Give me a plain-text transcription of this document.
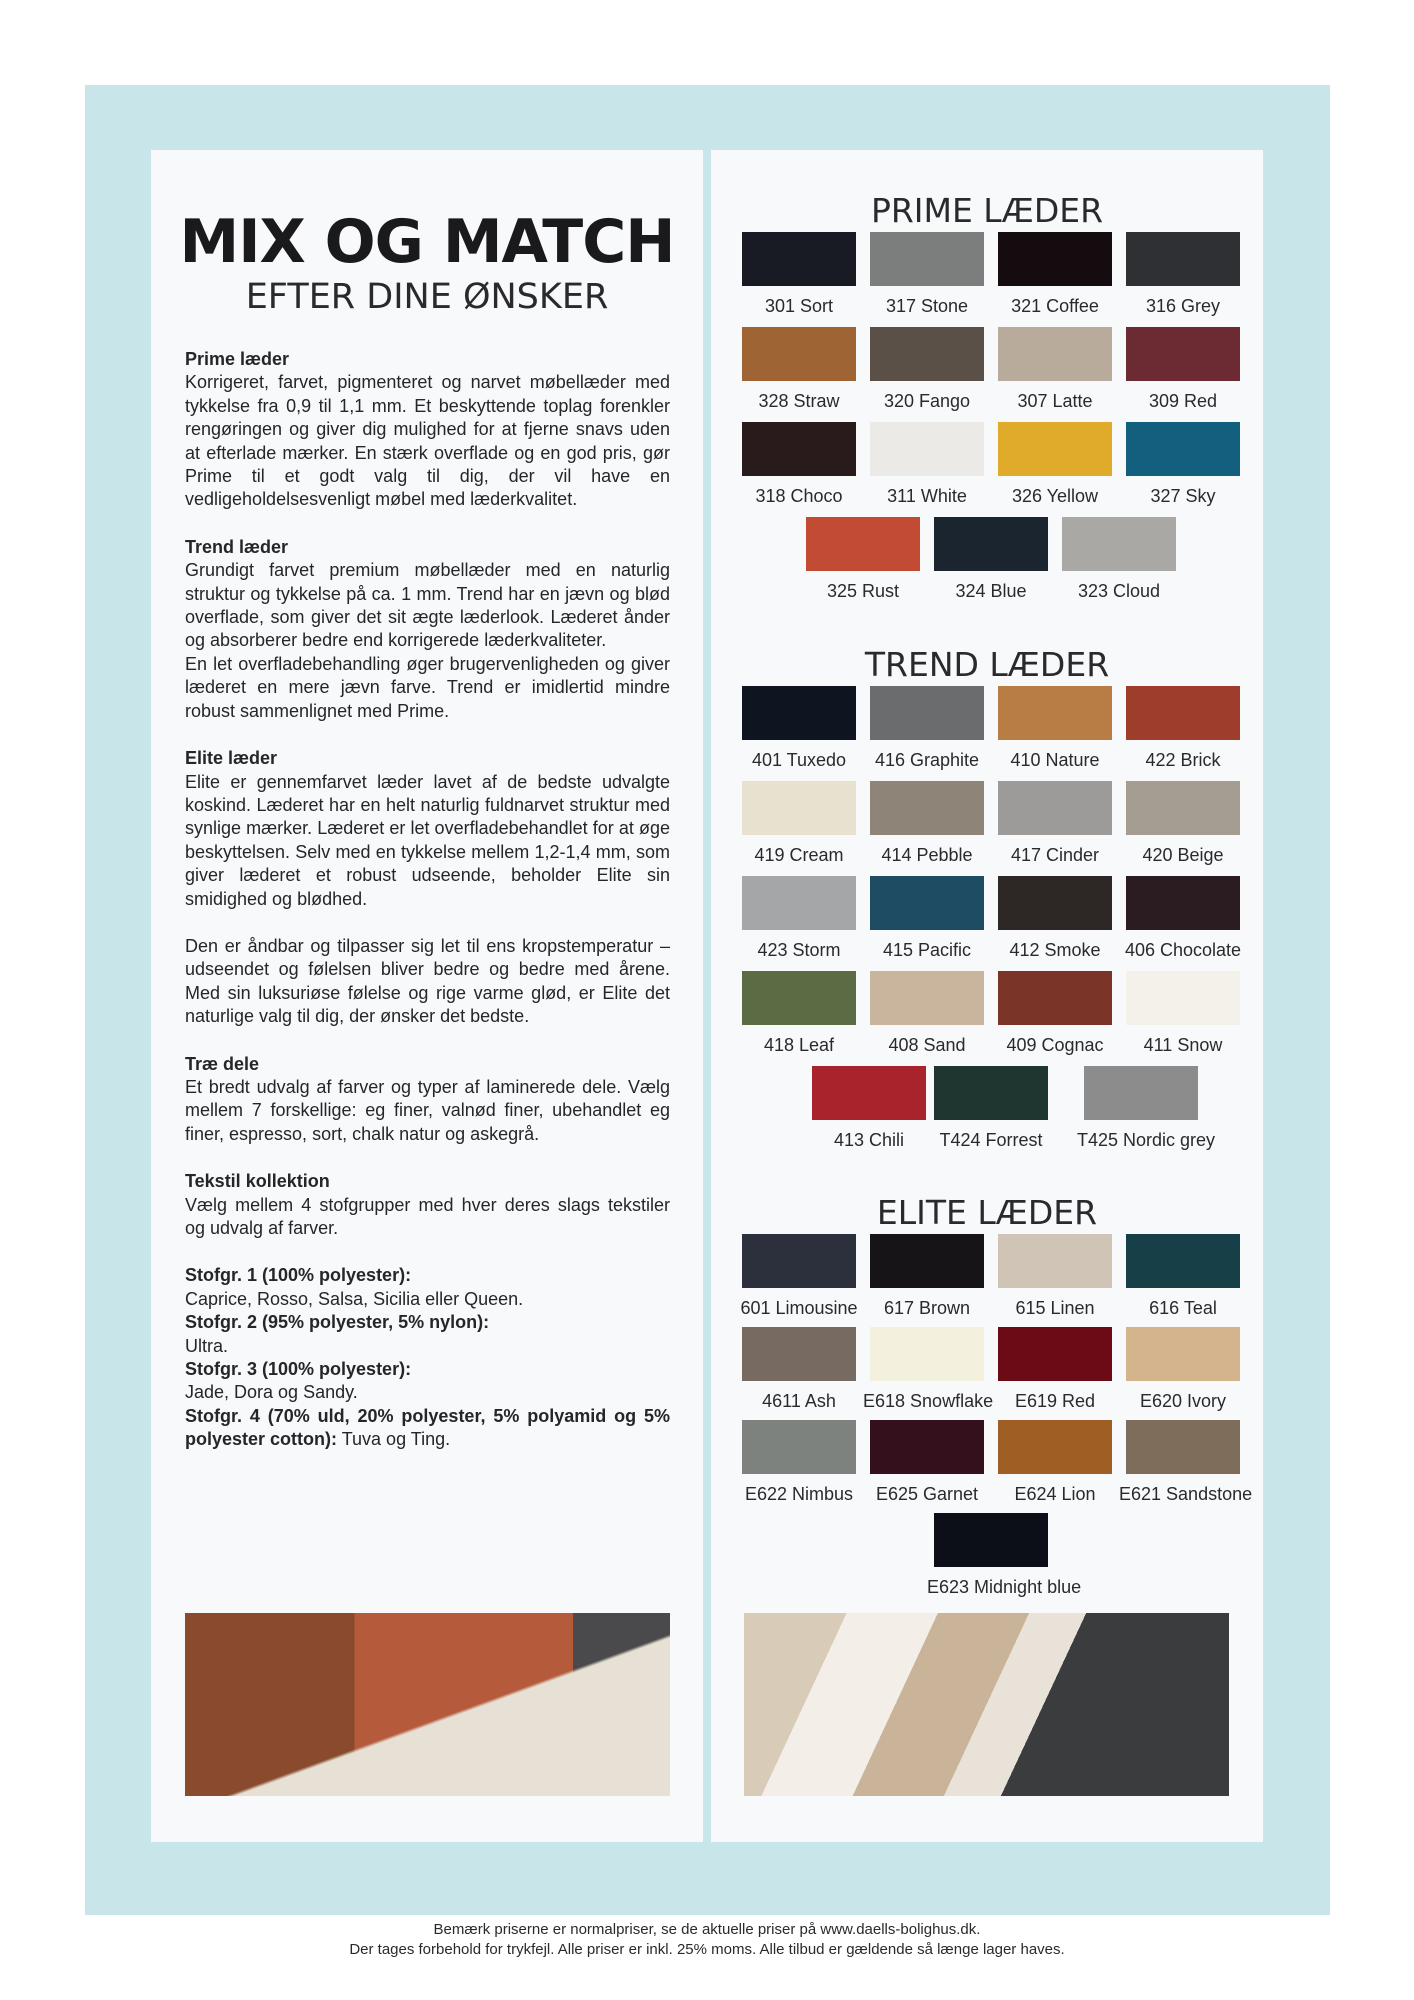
MIX OG MATCH
EFTER DINE ØNSKER

Prime læder

Korrigeret, farvet, pigmenteret og narvet møbellæder med tykkelse fra 0,9 til 1,1 mm. Et beskyttende toplag forenkler rengøringen og giver dig mulighed for at fjerne snavs uden at efterlade mærker. En stærk overflade og en god pris, gør Prime til et godt valg til dig, der vil have en vedligeholdelsesvenligt møbel med læderkvalitet.

Trend læder

Grundigt farvet premium møbellæder med en naturlig struktur og tykkelse på ca. 1 mm. Trend har en jævn og blød overflade, som giver det sit ægte læderlook. Læderet ånder og absorberer bedre end korrigerede læderkvaliteter.

En let overfladebehandling øger brugervenligheden og giver læderet en mere jævn farve. Trend er imidlertid mindre robust sammenlignet med Prime.

Elite læder

Elite er gennemfarvet læder lavet af de bedste udvalgte koskind. Læderet har en helt naturlig fuldnarvet struktur med synlige mærker. Læderet er let overfladebehandlet for at øge beskyttelsen. Selv med en tykkelse mellem 1,2-1,4 mm, som giver læderet et robust udseende, beholder Elite sin smidighed og blødhed.

Den er åndbar og tilpasser sig let til ens kropstemperatur – udseendet og følelsen bliver bedre og bedre med årene. Med sin luksuriøse følelse og rige varme glød, er Elite det naturlige valg til dig, der ønsker det bedste.

Træ dele

Et bredt udvalg af farver og typer af laminerede dele. Vælg mellem 7 forskellige: eg finer, valnød finer, ubehandlet eg finer, espresso, sort, chalk natur og askegrå.

Tekstil kollektion

Vælg mellem 4 stofgrupper med hver deres slags tekstiler og udvalg af farver.

Stofgr. 1 (100% polyester):

Caprice, Rosso, Salsa, Sicilia eller Queen.

Stofgr. 2 (95% polyester, 5% nylon):

Ultra.

Stofgr. 3 (100% polyester):

Jade, Dora og Sandy.

Stofgr. 4 (70% uld, 20% polyester, 5% polyamid og 5% polyester cotton): Tuva og Ting.

PRIME LÆDER
301 Sort	317 Stone	321 Coffee	316 Grey
328 Straw	320 Fango	307 Latte	309 Red
318 Choco	311 White	326 Yellow	327 Sky
325 Rust	324 Blue	323 Cloud
TREND LÆDER
401 Tuxedo	416 Graphite	410 Nature	422 Brick
419 Cream	414 Pebble	417 Cinder	420 Beige
423 Storm	415 Pacific	412 Smoke	406 Chocolate
418 Leaf	408 Sand	409 Cognac	411 Snow
413 Chili	T424 Forrest	T425 Nordic grey
ELITE LÆDER
601 Limousine	617 Brown	615 Linen	616 Teal
4611 Ash	E618 Snowflake	E619 Red	E620 Ivory
E622 Nimbus	E625 Garnet	E624 Lion	E621 Sandstone
E623 Midnight blue
Bemærk priserne er normalpriser, se de aktuelle priser på www.daells-bolighus.dk.
Der tages forbehold for trykfejl. Alle priser er inkl. 25% moms. Alle tilbud er gældende så længe lager haves.
